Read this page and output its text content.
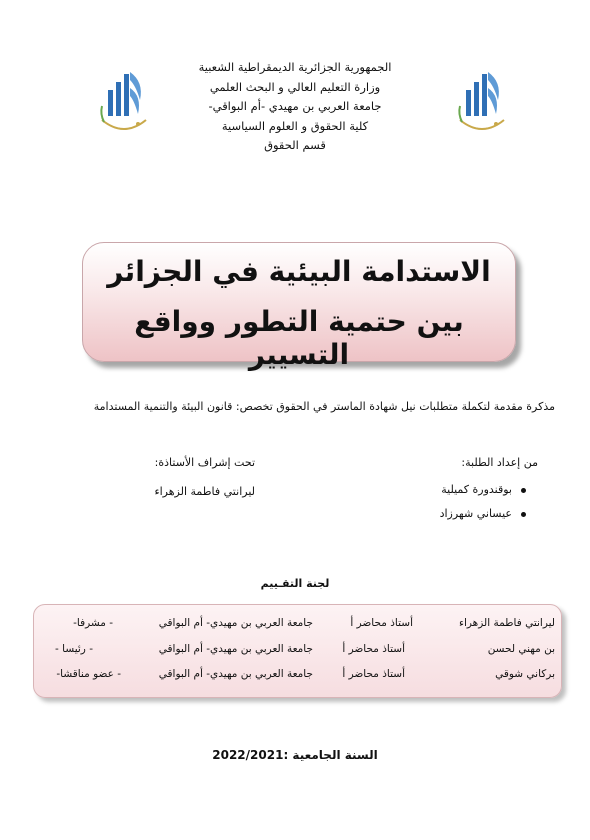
الجمهورية الجزائرية الديمقراطية الشعبية
وزارة التعليم العالي و البحث العلمي
جامعة العربي بن مهيدي -أم البواقي-
كلية الحقوق و العلوم السياسية
قسم الحقوق
الاستدامة البيئية في الجزائر
بين حتمية التطور وواقع التسيير
مذكرة مقدمة لتكملة متطلبات نيل شهادة الماستر في الحقوق تخصص: قانون البيئة والتنمية المستدامة
من إعداد الطلبة:
بوقندورة كميلية
عيساني شهرزاد
تحت إشراف الأستاذة:
ليرانتي فاطمة الزهراء
لجنة التقـييم
ليرانتي فاطمة الزهراء
أستاذ محاضر أ
جامعة العربي بن مهيدي- أم البواقي
- مشرفا-
بن مهني لحسن
أستاذ محاضر أ
جامعة العربي بن مهيدي- أم البواقي
- رئيسا -
بركاني شوقي
أستاذ محاضر أ
جامعة العربي بن مهيدي- أم البواقي
- عضو مناقشا-
السنة الجامعية :2022/2021
